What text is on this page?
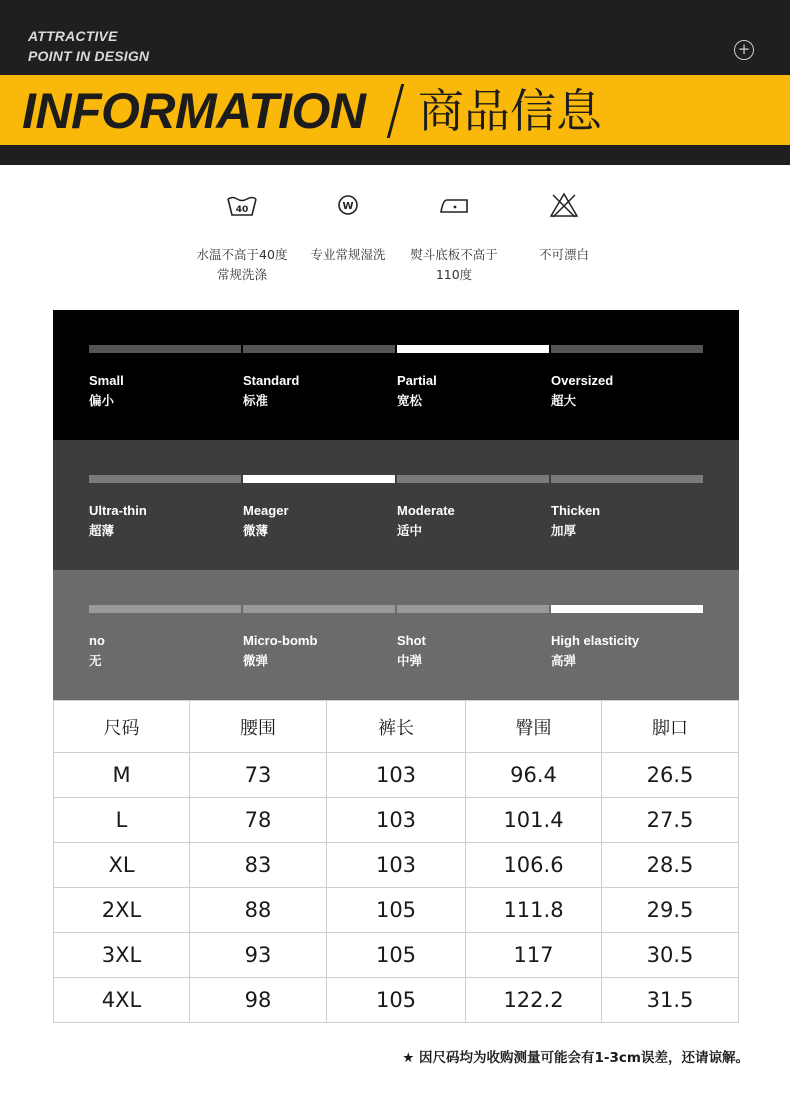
ATTRACTIVE
POINT IN DESIGN	+
INFORMATION 商品信息
40	W
水温不高于40度
常规洗涤
专业常规湿洗	熨斗底板不高于
110度
不可漂白
Small
偏小
Standard
标准
Partial
宽松
Oversized
超大
Ultra-thin
超薄
Meager
微薄
Moderate
适中
Thicken
加厚
no
无
Micro-bomb
微弹
Shot
中弹
High elasticity
高弹
尺码	腰围	裤长	臀围	脚口
M	73	103	96.4	26.5
L	78	103	101.4	27.5
XL	83	103	106.6	28.5
2XL	88	105	111.8	29.5
3XL	93	105	117	30.5
4XL	98	105	122.2	31.5
★ 因尺码均为收购测量可能会有1-3cm误差，还请谅解。
